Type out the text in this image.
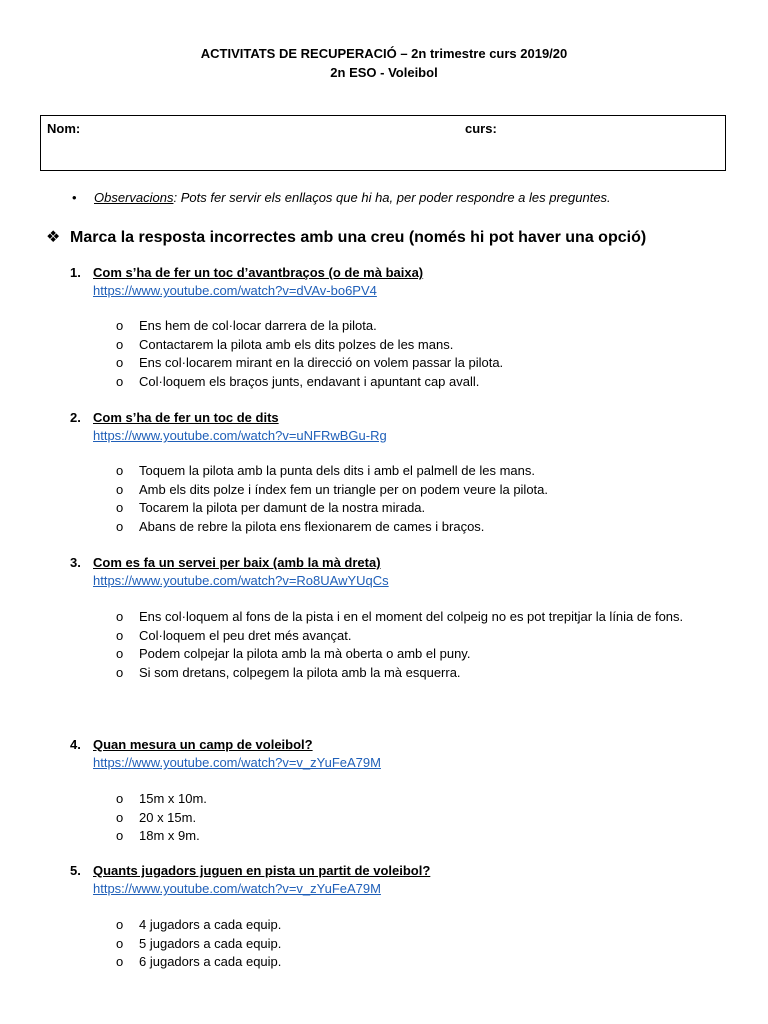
ACTIVITATS DE RECUPERACIÓ – 2n trimestre curs 2019/20
2n ESO - Voleibol
Nom:	curs:
• Observacions: Pots fer servir els enllaços que hi ha, per poder respondre a les preguntes.
❖ Marca la resposta incorrectes amb una creu (només hi pot haver una opció)
1. Com s’ha de fer un toc d’avantbraços (o de mà baixa)
https://www.youtube.com/watch?v=dVAv-bo6PV4
o Ens hem de col·locar darrera de la pilota.
o Contactarem la pilota amb els dits polzes de les mans.
o Ens col·locarem mirant en la direcció on volem passar la pilota.
o Col·loquem els braços junts, endavant i apuntant cap avall.
2. Com s’ha de fer un toc de dits
https://www.youtube.com/watch?v=uNFRwBGu-Rg
o Toquem la pilota amb la punta dels dits i amb el palmell de les mans.
o Amb els dits polze i índex fem un triangle per on podem veure la pilota.
o Tocarem la pilota per damunt de la nostra mirada.
o Abans de rebre la pilota ens flexionarem de cames i braços.
3. Com es fa un servei per baix (amb la mà dreta)
https://www.youtube.com/watch?v=Ro8UAwYUqCs
o Ens col·loquem al fons de la pista i en el moment del colpeig no es pot trepitjar la línia de fons.
o Col·loquem el peu dret més avançat.
o Podem colpejar la pilota amb la mà oberta o amb el puny.
o Si som dretans, colpegem la pilota amb la mà esquerra.
4. Quan mesura un camp de voleibol?
https://www.youtube.com/watch?v=v_zYuFeA79M
o 15m x 10m.
o 20 x 15m.
o 18m x 9m.
5. Quants jugadors juguen en pista un partit de voleibol?
https://www.youtube.com/watch?v=v_zYuFeA79M
o 4 jugadors a cada equip.
o 5 jugadors a cada equip.
o 6 jugadors a cada equip.
